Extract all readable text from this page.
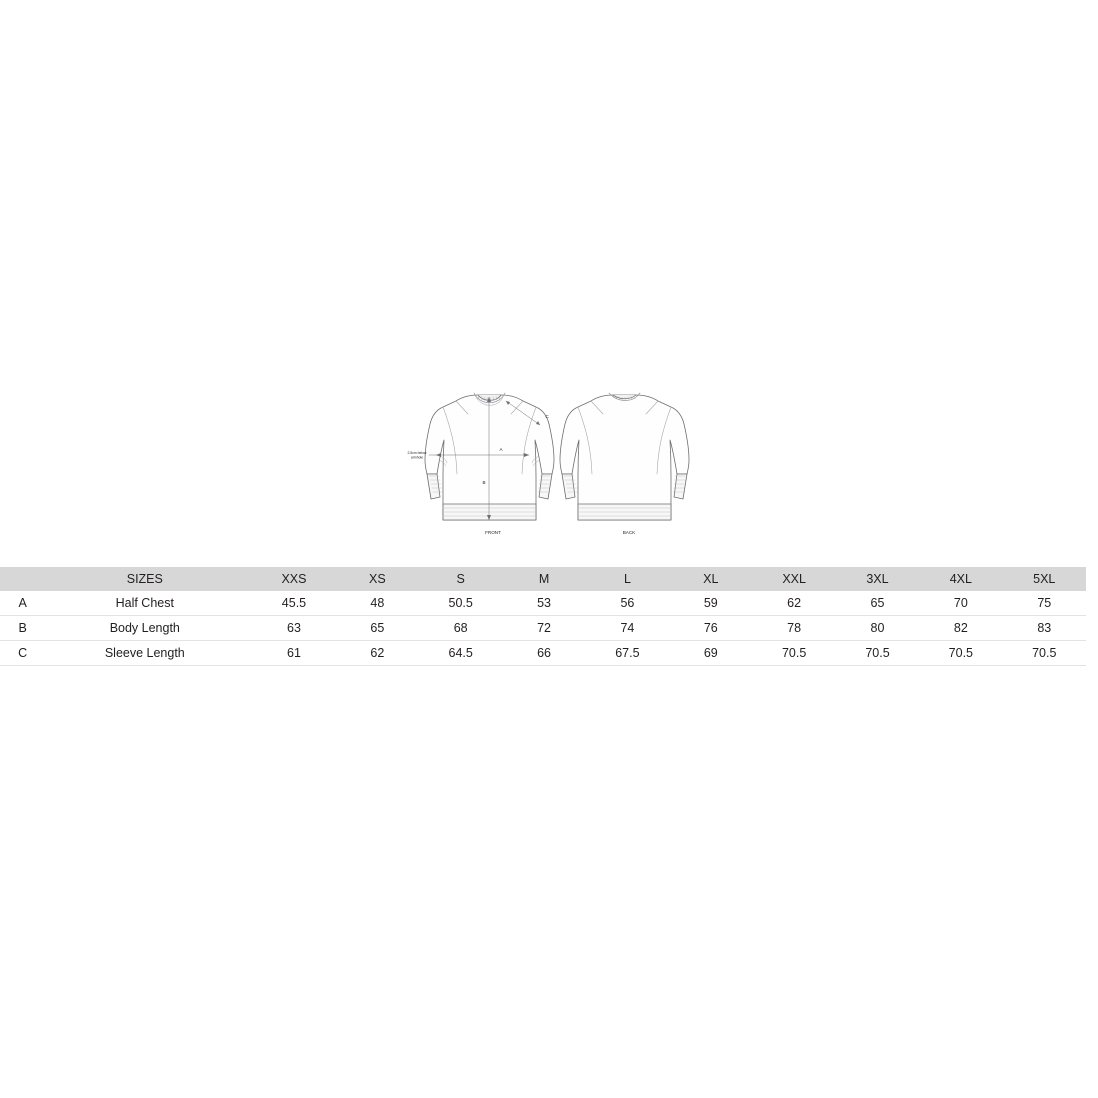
FRONT	BACK
A
B
C
2.5cm below
armhole
	SIZES	XXS	XS	S	M	L	XL	XXL	3XL	4XL	5XL
A	Half Chest	45.5	48	50.5	53	56	59	62	65	70	75
B	Body Length	63	65	68	72	74	76	78	80	82	83
C	Sleeve Length	61	62	64.5	66	67.5	69	70.5	70.5	70.5	70.5
